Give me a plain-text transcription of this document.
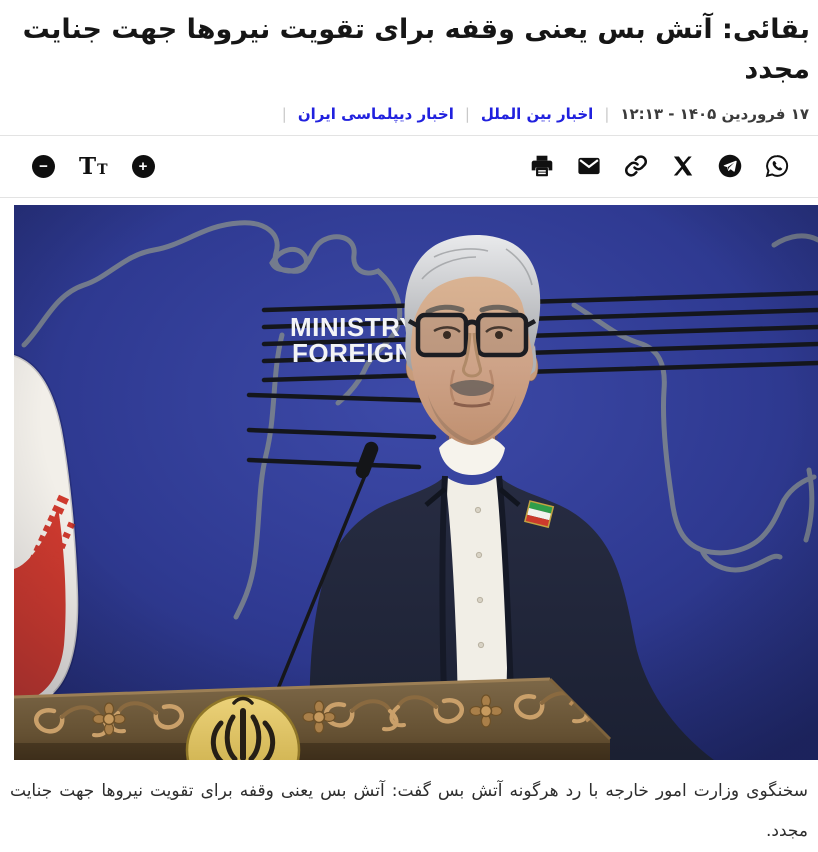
بقائی: آتش بس یعنی وقفه برای تقویت نیروها جهت جنایت مجدد
۱۷ فروردین ۱۴۰۵ - ۱۲:۱۳
|
اخبار بین الملل
|
اخبار دیپلماسی ایران
|
−	T T	+
سخنگوی وزارت امور خارجه با رد هرگونه آتش بس گفت: آتش بس یعنی وقفه برای تقویت نیروها جهت جنایت مجدد.
